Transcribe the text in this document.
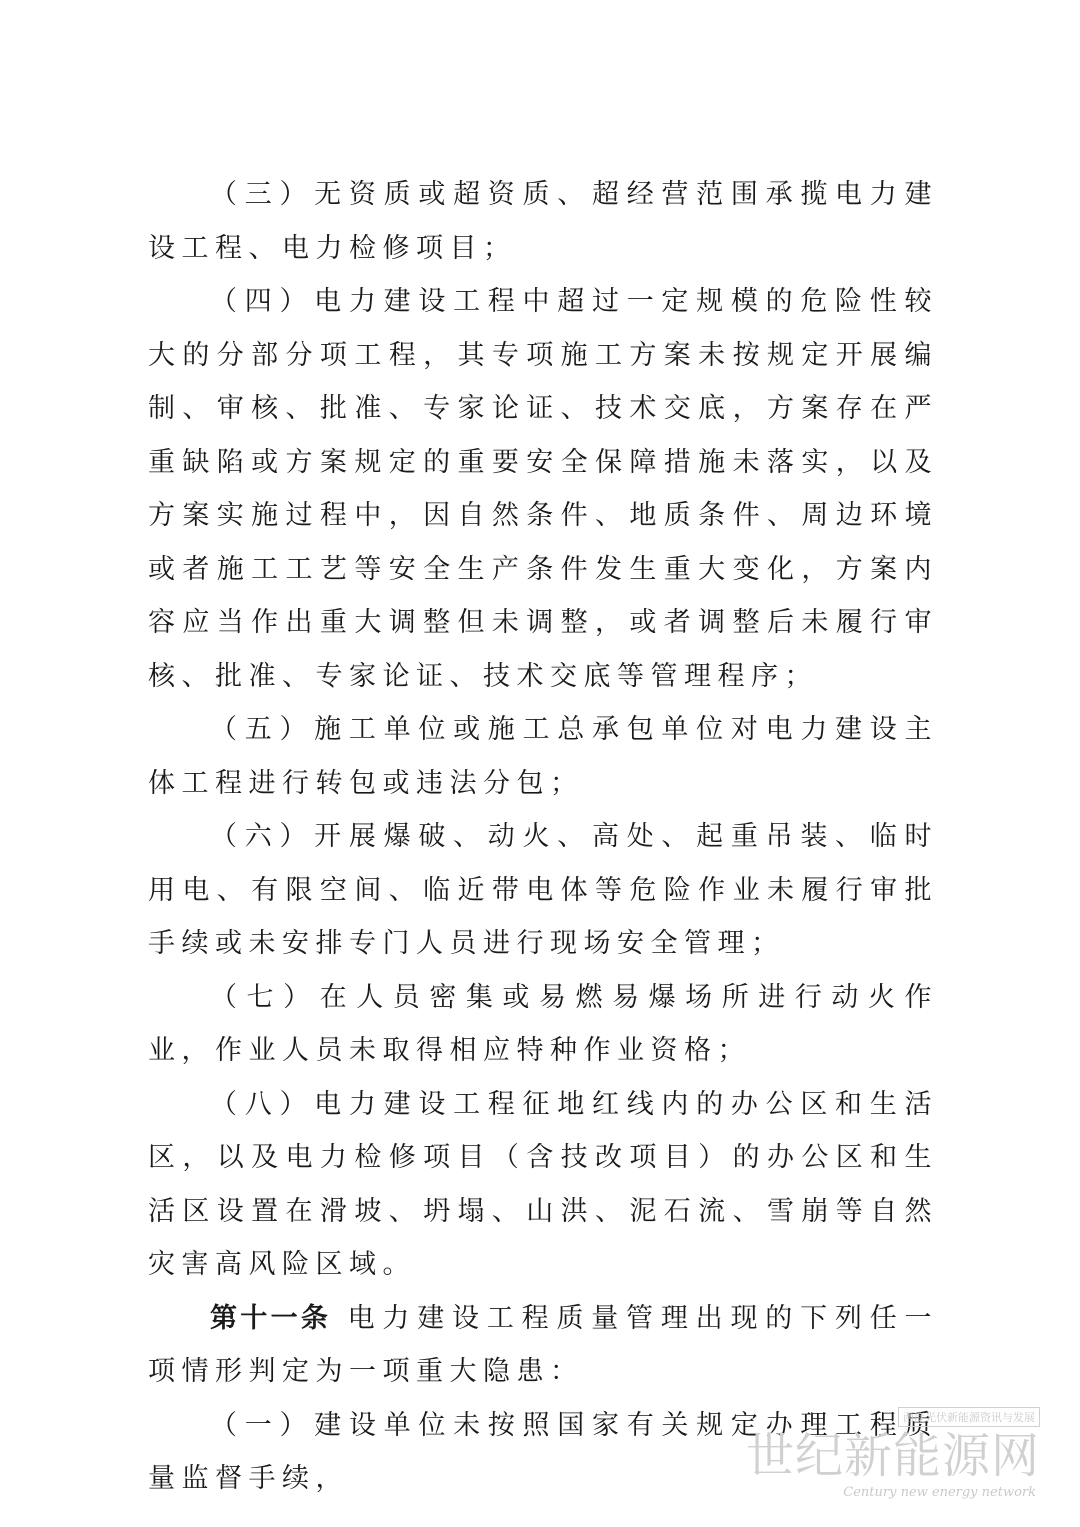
（三）无资质或超资质、超经营范围承揽电力建设工程、电力检修项目；

（四）电力建设工程中超过一定规模的危险性较大的分部分项工程，其专项施工方案未按规定开展编制、审核、批准、专家论证、技术交底，方案存在严重缺陷或方案规定的重要安全保障措施未落实，以及方案实施过程中，因自然条件、地质条件、周边环境或者施工工艺等安全生产条件发生重大变化，方案内容应当作出重大调整但未调整，或者调整后未履行审核、批准、专家论证、技术交底等管理程序；

（五）施工单位或施工总承包单位对电力建设主体工程进行转包或违法分包；

（六）开展爆破、动火、高处、起重吊装、临时用电、有限空间、临近带电体等危险作业未履行审批手续或未安排专门人员进行现场安全管理；

（七）在人员密集或易燃易爆场所进行动火作业，作业人员未取得相应特种作业资格；

（八）电力建设工程征地红线内的办公区和生活区，以及电力检修项目（含技改项目）的办公区和生活区设置在滑坡、坍塌、山洪、泥石流、雪崩等自然灾害高风险区域。

第十一条 电力建设工程质量管理出现的下列任一项情形判定为一项重大隐患：

（一）建设单位未按照国家有关规定办理工程质量监督手续，

西度光伏新能源资讯与发展
世纪新能源网
Century new energy network
